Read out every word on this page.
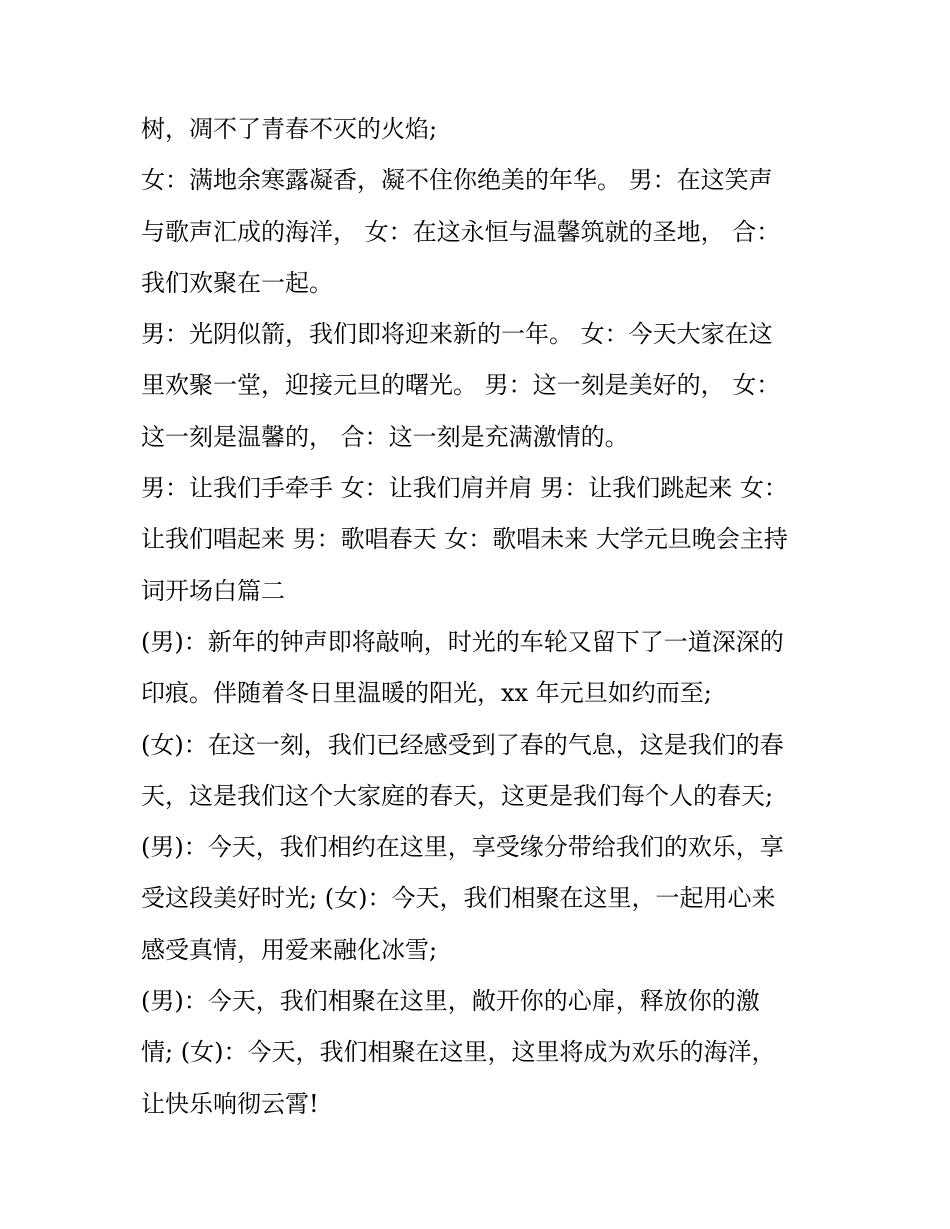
树，凋不了青春不灭的火焰;
女：满地余寒露凝香，凝不住你绝美的年华。 男：在这笑声
与歌声汇成的海洋， 女：在这永恒与温馨筑就的圣地， 合：
我们欢聚在一起。
男：光阴似箭，我们即将迎来新的一年。 女：今天大家在这
里欢聚一堂，迎接元旦的曙光。 男：这一刻是美好的， 女：
这一刻是温馨的， 合：这一刻是充满激情的。
男：让我们手牵手 女：让我们肩并肩 男：让我们跳起来 女：
让我们唱起来 男：歌唱春天 女：歌唱未来 大学元旦晚会主持
词开场白篇二
(男)：新年的钟声即将敲响，时光的车轮又留下了一道深深的
印痕。伴随着冬日里温暖的阳光，xx 年元旦如约而至;
(女)：在这一刻，我们已经感受到了春的气息，这是我们的春
天，这是我们这个大家庭的春天，这更是我们每个人的春天;
(男)：今天，我们相约在这里，享受缘分带给我们的欢乐，享
受这段美好时光; (女)：今天，我们相聚在这里，一起用心来
感受真情，用爱来融化冰雪;
(男)：今天，我们相聚在这里，敞开你的心扉，释放你的激
情; (女)：今天，我们相聚在这里，这里将成为欢乐的海洋，
让快乐响彻云霄!
